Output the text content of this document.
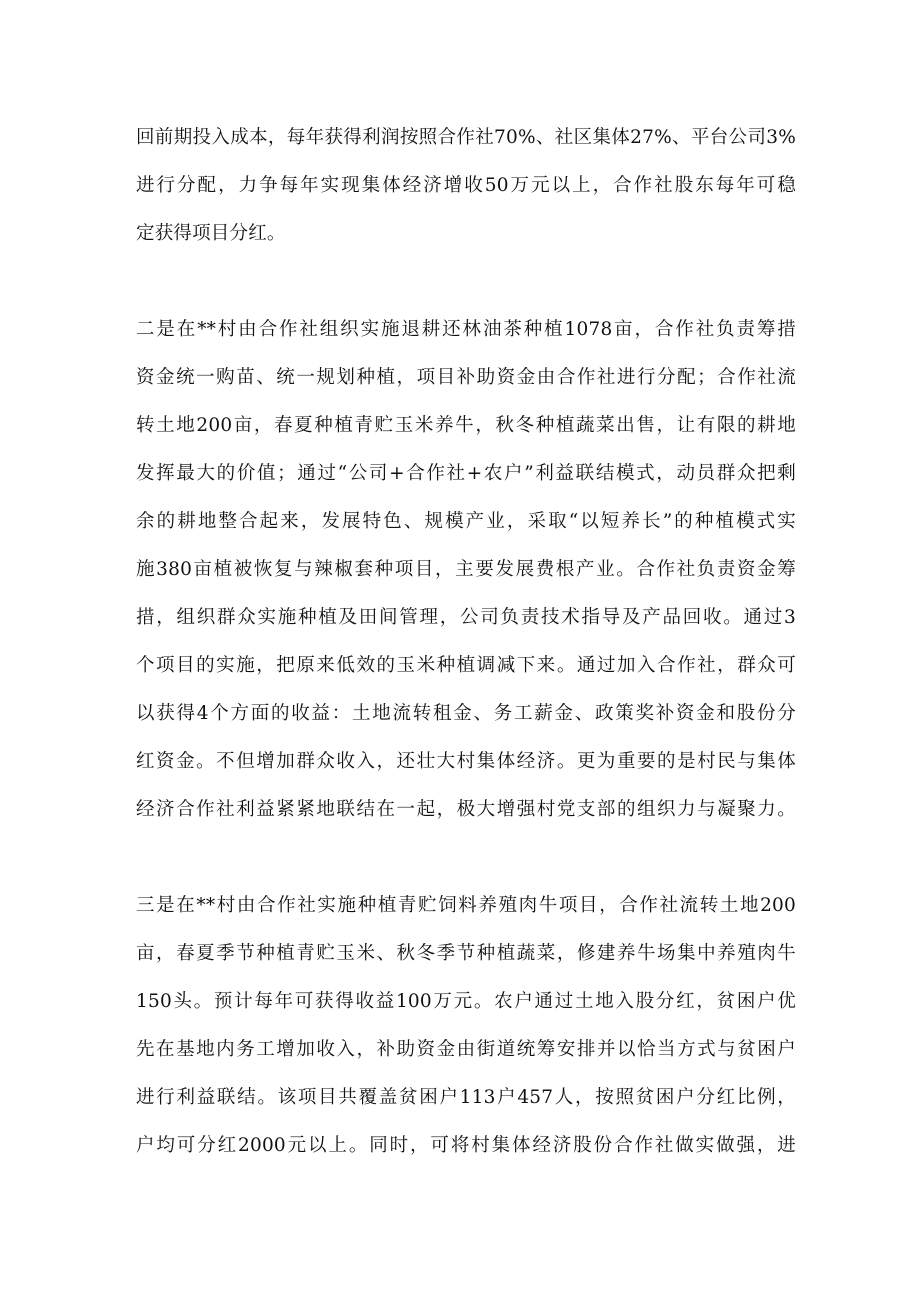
回前期投入成本，每年获得利润按照合作社70%、社区集体27%、平台公司3%

进行分配，力争每年实现集体经济增收50万元以上，合作社股东每年可稳

定获得项目分红。

二是在**村由合作社组织实施退耕还林油茶种植1078亩，合作社负责筹措

资金统一购苗、统一规划种植，项目补助资金由合作社进行分配；合作社流

转土地200亩，春夏种植青贮玉米养牛，秋冬种植蔬菜出售，让有限的耕地

发挥最大的价值；通过“公司+合作社+农户”利益联结模式，动员群众把剩

余的耕地整合起来，发展特色、规模产业，采取“以短养长”的种植模式实

施380亩植被恢复与辣椒套种项目，主要发展费根产业。合作社负责资金筹

措，组织群众实施种植及田间管理，公司负责技术指导及产品回收。通过3

个项目的实施，把原来低效的玉米种植调减下来。通过加入合作社，群众可

以获得4个方面的收益：土地流转租金、务工薪金、政策奖补资金和股份分

红资金。不但增加群众收入，还壮大村集体经济。更为重要的是村民与集体

经济合作社利益紧紧地联结在一起，极大增强村党支部的组织力与凝聚力。

三是在**村由合作社实施种植青贮饲料养殖肉牛项目，合作社流转土地200

亩，春夏季节种植青贮玉米、秋冬季节种植蔬菜，修建养牛场集中养殖肉牛

150头。预计每年可获得收益100万元。农户通过土地入股分红，贫困户优

先在基地内务工增加收入，补助资金由街道统筹安排并以恰当方式与贫困户

进行利益联结。该项目共覆盖贫困户113户457人，按照贫困户分红比例，

户均可分红2000元以上。同时，可将村集体经济股份合作社做实做强，进
